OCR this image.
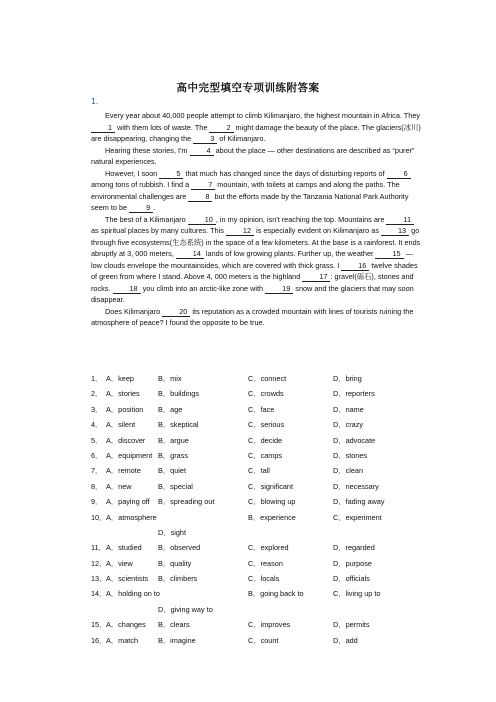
高中完型填空专项训练附答案
1.

Every year about 40,000 people attempt to climb Kilimanjaro, the highest mountain in Africa. They 1 with them lots of waste. The 2 might damage the beauty of the place. The glaciers(冰川) are disappearing, changing the 3 of Kilimanjaro.

Hearing these stories, I'm 4 about the place — other destinations are described as “purer” natural experiences.

However, I soon 5 that much has changed since the days of disturbing reports of 6 among tons of rubbish. I find a 7 mountain, with toilets at camps and along the paths. The environmental challenges are 8 but the efforts made by the Tanzania National Park Authority seem to be 9 .

The best of a Kilimanjaro 10 , in my opinion, isn't reaching the top. Mountains are 11 as spiritual places by many cultures. This 12 is especially evident on Kilimanjaro as 13 go through five ecosystems(生态系统) in the space of a few kilometers. At the base is a rainforest. It ends abruptly at 3, 000 meters, 14 lands of low growing plants. Further up, the weather 15 — low clouds envelope the mountainsides, which are covered with thick grass. I 16 twelve shades of green from where I stand. Above 4, 000 meters is the highland 17 : gravel(砾石), stones and rocks. 18 you climb into an arctic-like zone with 19 snow and the glaciers that may soon disappear.

Does Kilimanjaro 20 its reputation as a crowded mountain with lines of tourists ruining the atmosphere of peace? I found the opposite to be true.

1． A．keep	B．mix	C．connect	D．bring
2． A．stories	B．buildings	C．crowds	D．reporters
3． A．position B．age	C．face	D．name
4． A．silent	B．skeptical	C．serious	D．crazy
5． A．discover B．argue	C．decide	D．advocate
6． A．equipment B．grass	C．camps	D．stones
7． A．remote B．quiet	C．tall	D．clean
8． A．new	B．special	C．significant	D．necessary
9． A．paying off B．spreading out	C．blowing up	D．fading away
10． A．atmosphere	B．experience	C．experiment
D．sight
11． A．studied B．observed	C．explored	D．regarded
12． A．view	B．quality	C．reason	D．purpose
13． A．scientists B．climbers	C．locals	D．officials
14． A．holding on to	B．going back to	C．living up to
D．giving way to
15． A．changes B．clears	C．improves	D．permits
16． A．match	B．imagine	C．count	D．add
